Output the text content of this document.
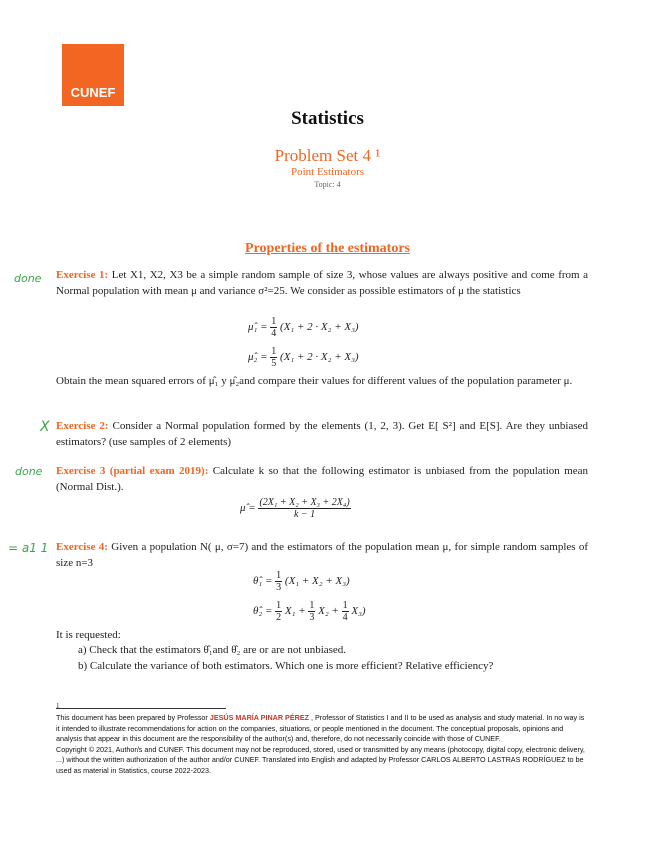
CUNEF
Statistics
Problem Set 4 ¹
Point Estimators
Topic: 4
Properties of the estimators
done
X
done
= a1 1
Exercise 1: Let X1, X2, X3 be a simple random sample of size 3, whose values are always positive and come from a Normal population with mean μ and variance σ²=25. We consider as possible estimators of μ the statistics
μ̂₁ = $\frac{1}{4} (X_1 + 2 \cdot X_2 + X_3)$
μ̂₂ = $\frac{1}{5} (X_1 + 2 \cdot X_2 + X_3)$
Obtain the mean squared errors of μ̂₁ y μ̂₂and compare their values for different values of the population parameter μ.
Exercise 2: Consider a Normal population formed by the elements (1, 2, 3). Get E[ S²] and E[S]. Are they unbiased estimators? (use samples of 2 elements)
Exercise 3 (partial exam 2019): Calculate k so that the following estimator is unbiased from the population mean (Normal Dist.).
μ̂ = $\frac{\text{(2X₁ + X₂ + X₃ + 2X₄)}}{k - 1}$
Exercise 4: Given a population N( μ, σ=7) and the estimators of the population mean μ, for simple random samples of size n=3
θ̂₁ = $\frac{1}{3} (X_1 + X_2 + X_3)$
θ̂₂ = $\frac{1}{2} X_1 + \frac{1}{3} X_2 + \frac{1}{4} X_3$)
It is requested:
a) Check that the estimators θ̂₁and θ̂₂ are or are not unbiased.
b) Calculate the variance of both estimators. Which one is more efficient? Relative efficiency?
1
This document has been prepared by Professor JESÚS MARÍA PINAR PÉREZ , Professor of Statistics I and II to be used as analysis and study material. In no way is it intended to illustrate recommendations for action on the companies, situations, or people mentioned in the document. The conceptual proposals, opinions and analysis that appear in this document are the responsibility of the author(s) and, therefore, do not necessarily coincide with those of CUNEF.
Copyright © 2021, Author/s and CUNEF. This document may not be reproduced, stored, used or transmitted by any means (photocopy, digital copy, electronic delivery, ...) without the written authorization of the author and/or CUNEF. Translated into English and adapted by Professor CARLOS ALBERTO LASTRAS RODRÍGUEZ to be used as material in Statistics, course 2022-2023.
